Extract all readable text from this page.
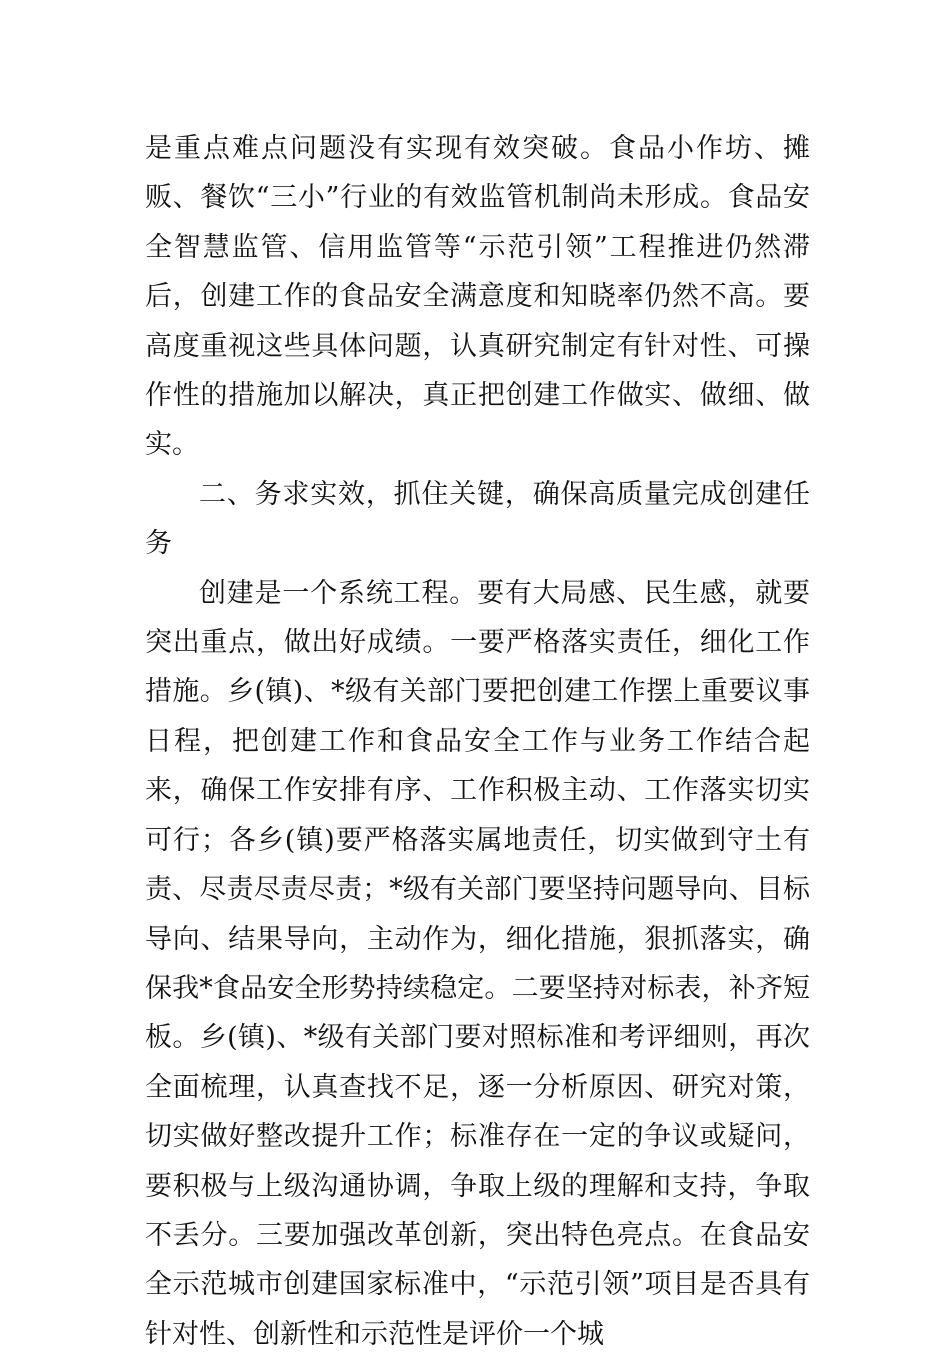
是重点难点问题没有实现有效突破。食品小作坊、摊贩、餐饮“三小”行业的有效监管机制尚未形成。食品安全智慧监管、信用监管等“示范引领”工程推进仍然滞后，创建工作的食品安全满意度和知晓率仍然不高。要高度重视这些具体问题，认真研究制定有针对性、可操作性的措施加以解决，真正把创建工作做实、做细、做实。

二、务求实效，抓住关键，确保高质量完成创建任务

创建是一个系统工程。要有大局感、民生感，就要突出重点，做出好成绩。一要严格落实责任，细化工作措施。乡(镇)、*级有关部门要把创建工作摆上重要议事日程，把创建工作和食品安全工作与业务工作结合起来，确保工作安排有序、工作积极主动、工作落实切实可行；各乡(镇)要严格落实属地责任，切实做到守土有责、尽责尽责尽责；*级有关部门要坚持问题导向、目标导向、结果导向，主动作为，细化措施，狠抓落实，确保我*食品安全形势持续稳定。二要坚持对标表，补齐短板。乡(镇)、*级有关部门要对照标准和考评细则，再次全面梳理，认真查找不足，逐一分析原因、研究对策，切实做好整改提升工作；标准存在一定的争议或疑问，要积极与上级沟通协调，争取上级的理解和支持，争取不丢分。三要加强改革创新，突出特色亮点。在食品安全示范城市创建国家标准中，“示范引领”项目是否具有针对性、创新性和示范性是评价一个城
